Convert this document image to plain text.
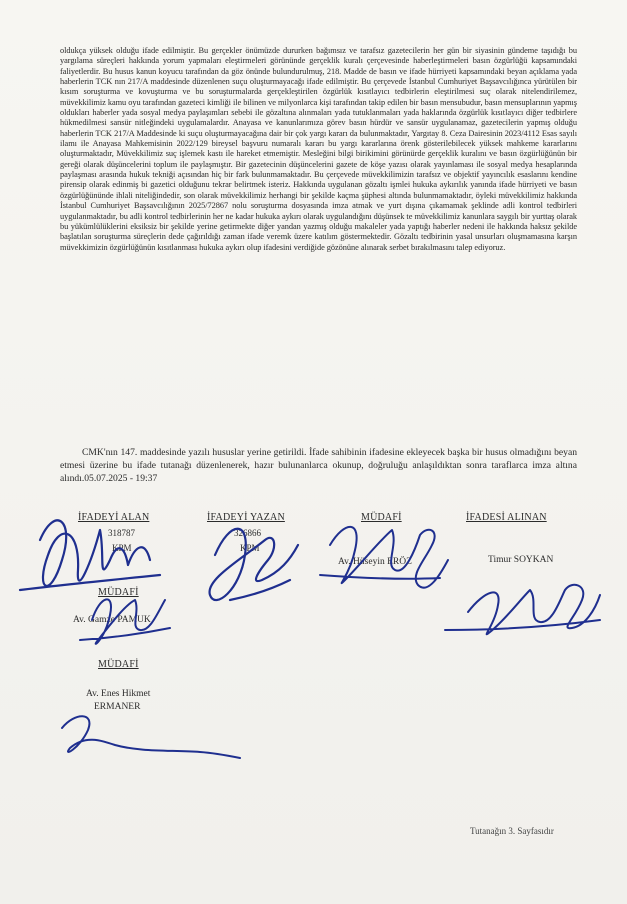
oldukça yüksek olduğu ifade edilmiştir. Bu gerçekler önümüzde dururken bağımsız ve tarafsız gazetecilerin her gün bir siyasinin gündeme taşıdığı bu yargılama süreçleri hakkında yorum yapmaları eleştirmeleri görününde gerçeklik kuralı çerçevesinde haberleştirmeleri basın özgürlüğü kapsamındaki faliyetlerdir. Bu husus kanun koyucu tarafından da göz önünde bulundurulmuş, 218. Madde de basın ve ifade hürriyeti kapsamındaki beyan açıklama yada haberlerin TCK nın 217/A maddesinde düzenlenen suçu oluşturmayacağı ifade edilmiştir. Bu çerçevede İstanbul Cumhuriyet Başsavcılığınca yürütülen bir kısım soruşturma ve kovuşturma ve bu soruşturmalarda gerçekleştirilen özgürlük kısıtlayıcı tedbirlerin eleştirilmesi suç olarak nitelendirilemez, müvekkilimiz kamu oyu tarafından gazeteci kimliği ile bilinen ve milyonlarca kişi tarafından takip edilen bir basın mensubudur, basın mensuplarının yapmış oldukları haberler yada sosyal medya paylaşımları sebebi ile gözaltına alınmaları yada tutuklanmaları yada haklarında özgürlük kısıtlayıcı diğer tedbirlere hükmedilmesi sansür nitleğindeki uygulamalardır. Anayasa ve kanunlarımıza görev basın hürdür ve sansür uygulanamaz, gazetecilerin yapmış olduğu haberlerin TCK 217/A Maddesinde ki suçu oluşturmayacağına dair bir çok yargı kararı da bulunmaktadır, Yargıtay 8. Ceza Dairesinin 2023/4112 Esas sayılı ilamı ile Anayasa Mahkemisinin 2022/129 bireysel başvuru numaralı kararı bu yargı kararlarına örenk gösterilebilecek yüksek mahkeme kararlarını oluşturmaktadır, Müvekkilimiz suç işlemek kastı ile hareket etmemiştir. Mesleğini bilgi birikimini görünürde gerçeklik kuralını ve basın özgürlüğünün bir gereği olarak düşüncelerini toplum ile paylaşmıştır. Bir gazetecinin düşüncelerini gazete de köşe yazısı olarak yayınlaması ile sosyal medya hesaplarında paylaşması arasında hukuk tekniği açısından hiç bir fark bulunmamaktadır. Bu çerçevede müvekkilimizin tarafsız ve objektif yayıncılık esaslarını kendine pirensip olarak edinmiş bi gazetici olduğunu tekrar belirtmek isteriz. Hakkında uygulanan gözaltı işmlei hukuka aykırılık yanında ifade hürriyeti ve basın özgürlüğününde ihlali niteliğindedir, son olarak müvekkilimiz herhangi bir şekilde kaçma şüphesi altında bulunmamaktadır, öyleki müvekkilimiz hakkında İstanbul Cumhuriyet Başsavcılığının 2025/72867 nolu soruşturma dosyasında imza atmak ve yurt dışına çıkamamak şeklinde adli kontrol tedbirleri uygulanmaktadır, bu adli kontrol tedbirlerinin her ne kadar hukuka aykırı olarak uygulandığını düşünsek te müvekkilimiz kanunlara saygılı bir yurttaş olarak bu yükümlülüklerini eksiksiz bir şekilde yerine getirmekte diğer yandan yazmış olduğu makaleler yada yaptığı haberler nedeni ile hakkında haksız şekilde başlatılan soruşturma süreçlerin dede çağırıldığı zaman ifade veremk üzere katılım göstermektedir. Gözaltı tedbirinin yasal unsurları oluşmamasına karşın müvekkimizin özgürlüğünün kısıtlanması hukuka aykırı olup ifadesini verdiğide gözönüne alınarak serbet bırakılmasını talep ediyoruz.
CMK'nın 147. maddesinde yazılı hususlar yerine getirildi. İfade sahibinin ifadesine ekleyecek başka bir husus olmadığını beyan etmesi üzerine bu ifade tutanağı düzenlenerek, hazır bulunanlarca okunup, doğruluğu anlaşıldıktan sonra taraflarca imza altına alındı.05.07.2025 - 19:37
İFADEYİ ALAN
318787
KPM
İFADEYİ YAZAN
326866
KPM
MÜDAFİ
Av. Hüseyin ERÖZ
İFADESİ ALINAN
Timur SOYKAN
MÜDAFİ
Av. Gamze PAMUK
MÜDAFİ
Av. Enes Hikmet
ERMANER
Tutanağın 3. Sayfasıdır
